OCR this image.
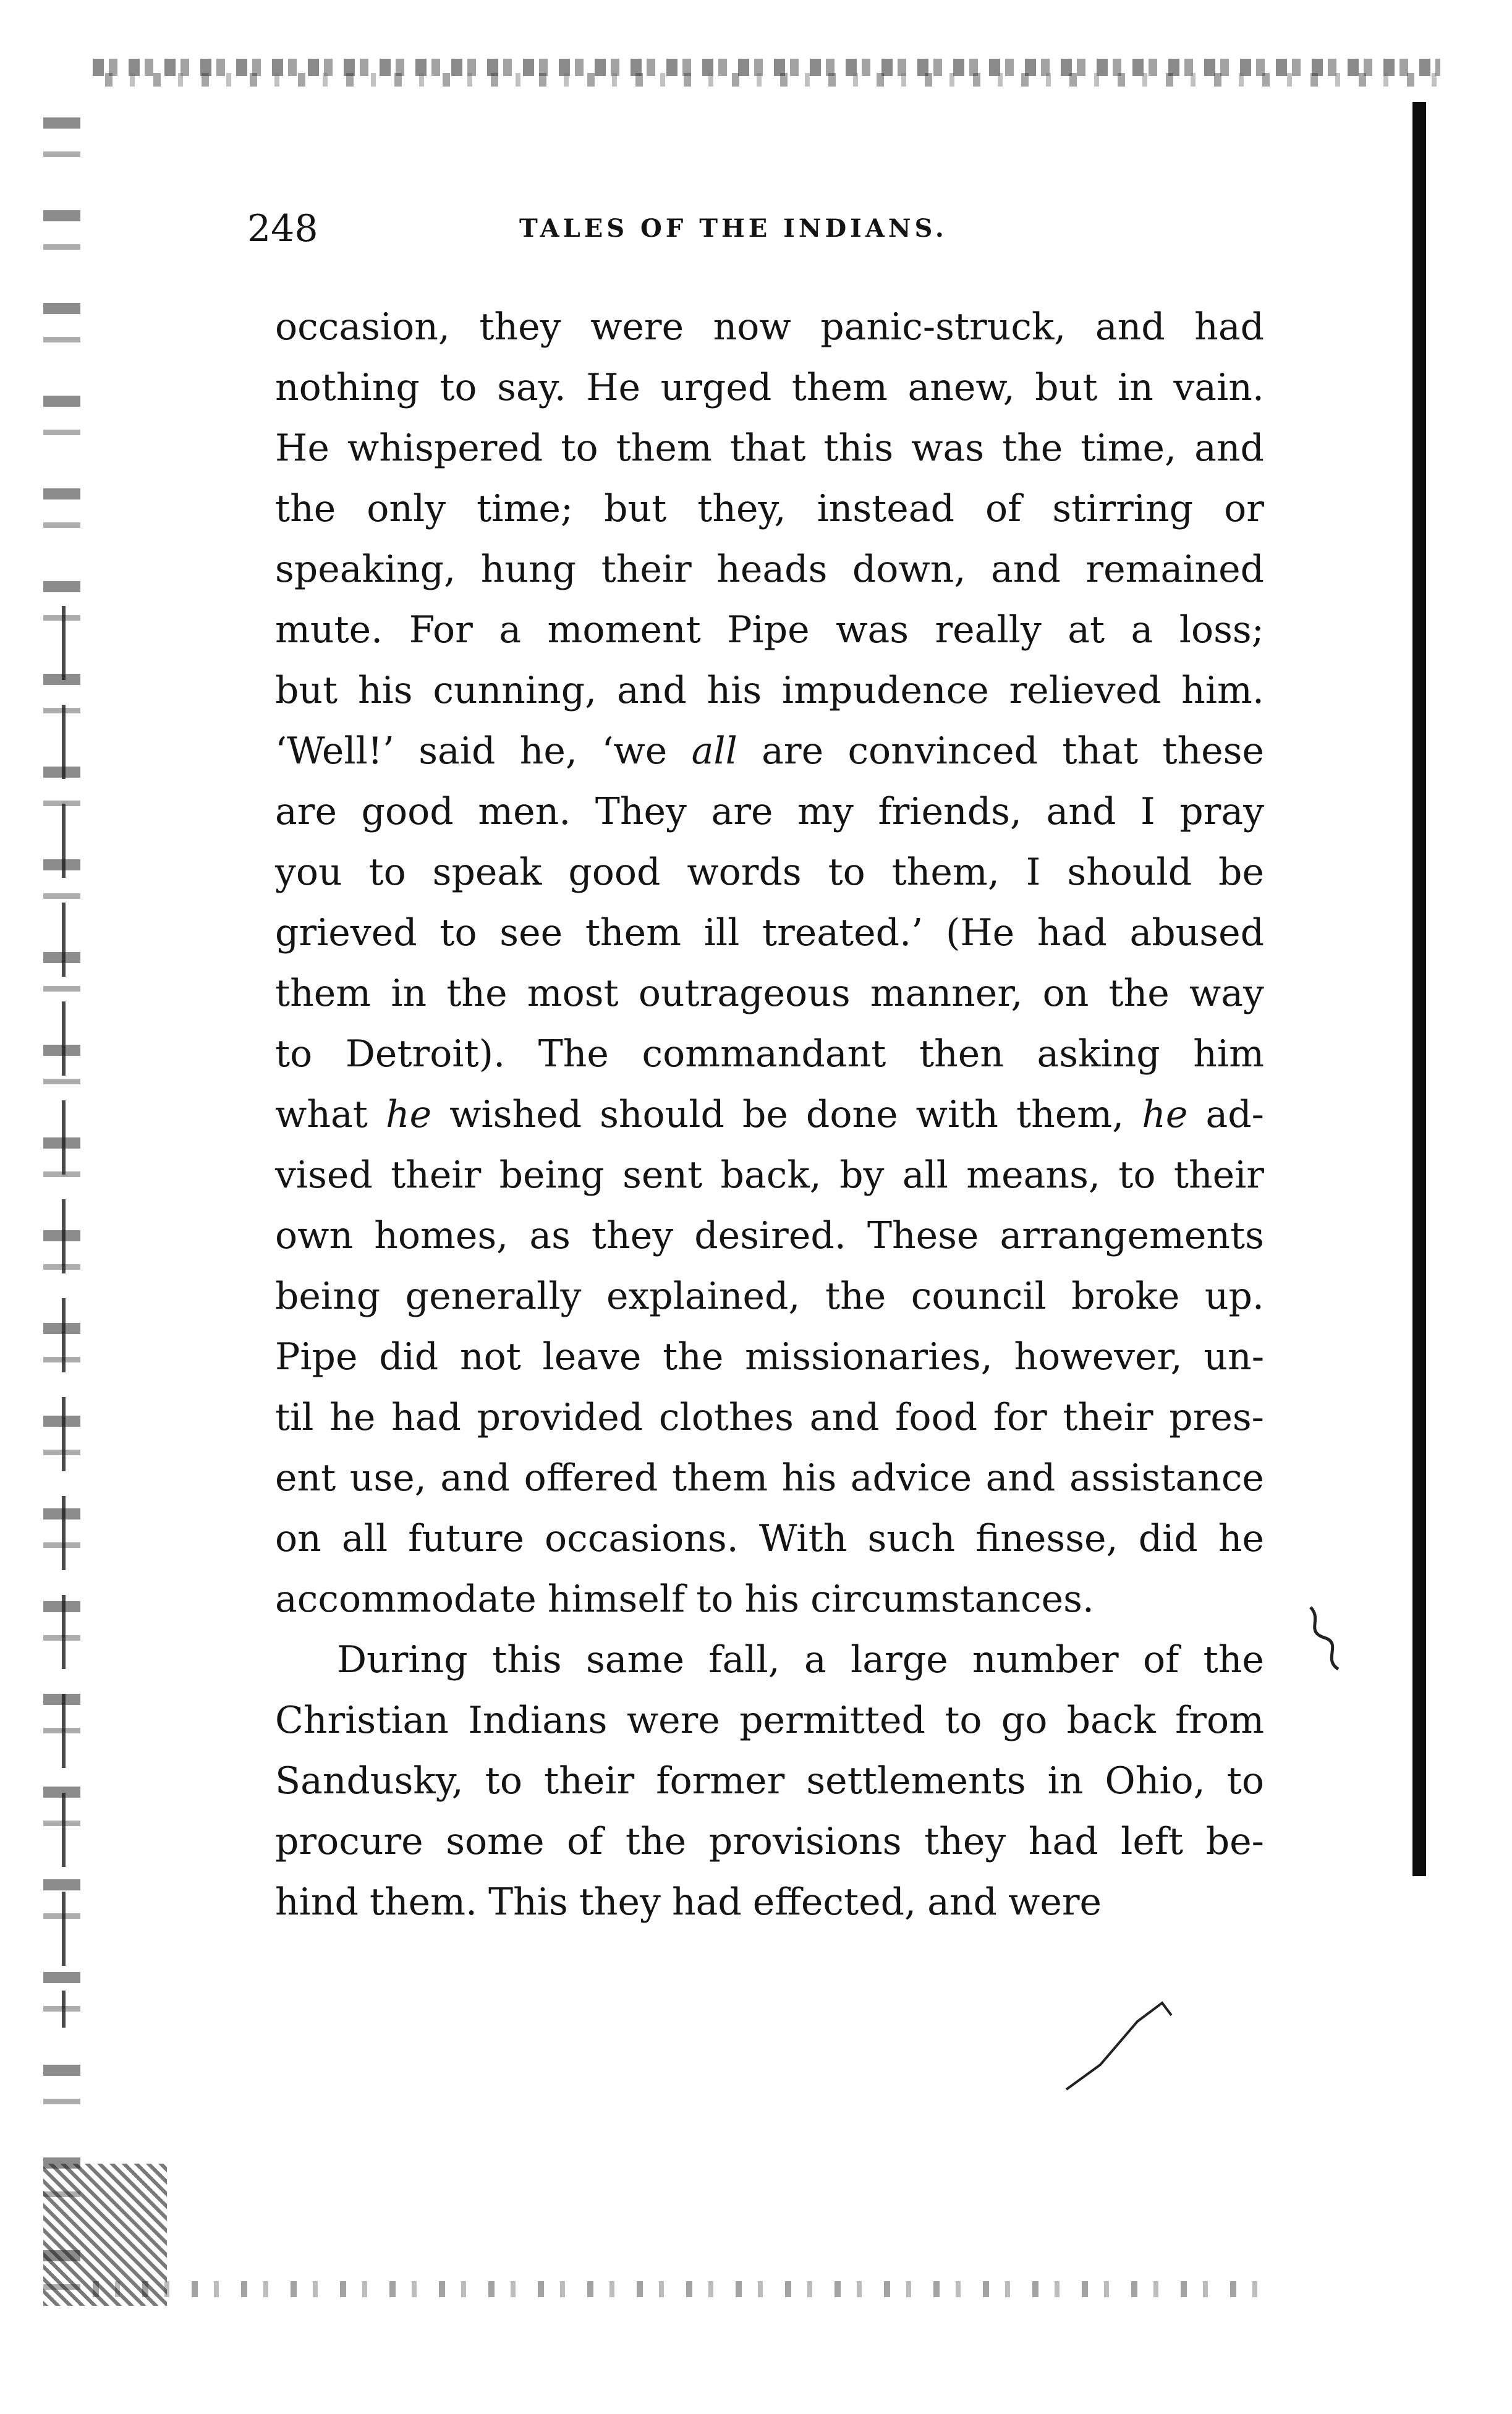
248	TALES OF THE INDIANS.
occasion, they were now panic-struck, and had
nothing to say. He urged them anew, but in vain.
He whispered to them that this was the time, and
the only time; but they, instead of stirring or
speaking, hung their heads down, and remained
mute. For a moment Pipe was really at a loss;
but his cunning, and his impudence relieved him.
‘Well!’ said he, ‘we all are convinced that these
are good men. They are my friends, and I pray
you to speak good words to them, I should be
grieved to see them ill treated.’ (He had abused
them in the most outrageous manner, on the way
to Detroit). The commandant then asking him
what he wished should be done with them, he ad-
vised their being sent back, by all means, to their
own homes, as they desired. These arrangements
being generally explained, the council broke up.
Pipe did not leave the missionaries, however, un-
til he had provided clothes and food for their pres-
ent use, and offered them his advice and assistance
on all future occasions. With such finesse, did he
accommodate himself to his circumstances.
During this same fall, a large number of the
Christian Indians were permitted to go back from
Sandusky, to their former settlements in Ohio, to
procure some of the provisions they had left be-
hind them. This they had effected, and were
